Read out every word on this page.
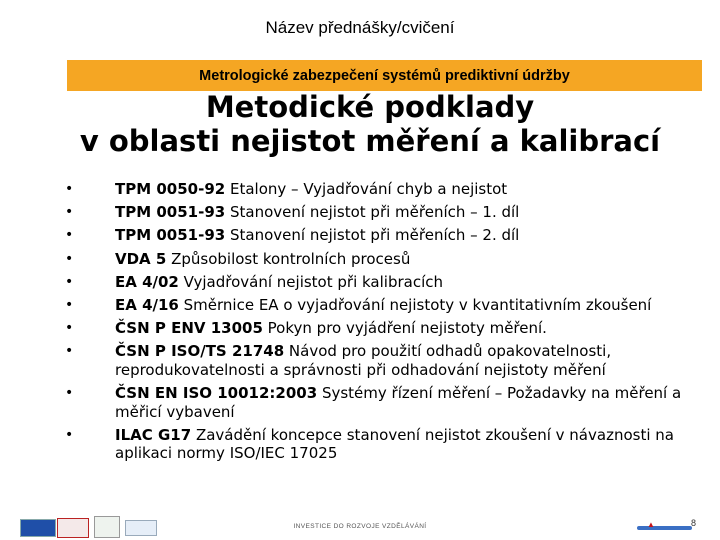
Název přednášky/cvičení
Metrologické zabezpečení systémů prediktivní údržby
Metodické podklady
v oblasti nejistot měření a kalibrací
•	TPM 0050-92 Etalony – Vyjadřování chyb a nejistot
•	TPM 0051-93 Stanovení nejistot při měřeních – 1. díl
•	TPM 0051-93 Stanovení nejistot při měřeních – 2. díl
•	VDA 5 Způsobilost kontrolních procesů
•	EA 4/02 Vyjadřování nejistot při kalibracích
•	EA 4/16 Směrnice EA o vyjadřování nejistoty v kvantitativním zkoušení
•	ČSN P ENV 13005 Pokyn pro vyjádření nejistoty měření.
•	ČSN P ISO/TS 21748 Návod pro použití odhadů opakovatelnosti, reprodukovatelnosti a správnosti při odhadování nejistoty měření
•	ČSN EN ISO 10012:2003 Systémy řízení měření – Požadavky na měření a měřicí vybavení
•	ILAC G17 Zavádění koncepce stanovení nejistot zkoušení v návaznosti na aplikaci normy ISO/IEC 17025
INVESTICE DO ROZVOJE VZDĚLÁVÁNÍ	▲	8
